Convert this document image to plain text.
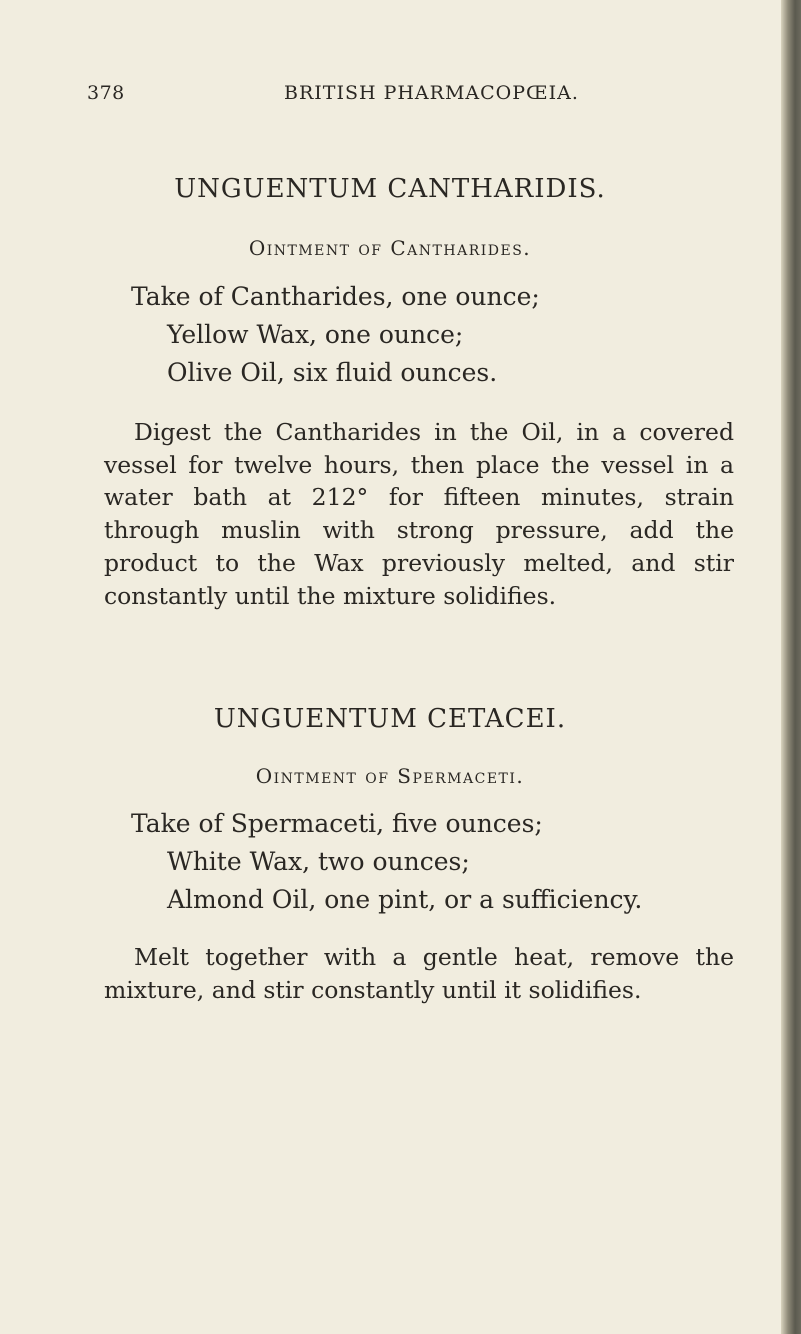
378	BRITISH PHARMACOPŒIA.
UNGUENTUM CANTHARIDIS.
Ointment of Cantharides.
Take of Cantharides, one ounce;
Yellow Wax, one ounce;
Olive Oil, six fluid ounces.
Digest the Cantharides in the Oil, in a covered vessel for twelve hours, then place the vessel in a water bath at 212° for fifteen minutes, strain through muslin with strong pressure, add the product to the Wax previously melted, and stir constantly until the mixture solidifies.
UNGUENTUM CETACEI.
Ointment of Spermaceti.
Take of Spermaceti, five ounces;
White Wax, two ounces;
Almond Oil, one pint, or a sufficiency.
Melt together with a gentle heat, remove the mixture, and stir constantly until it solidifies.
